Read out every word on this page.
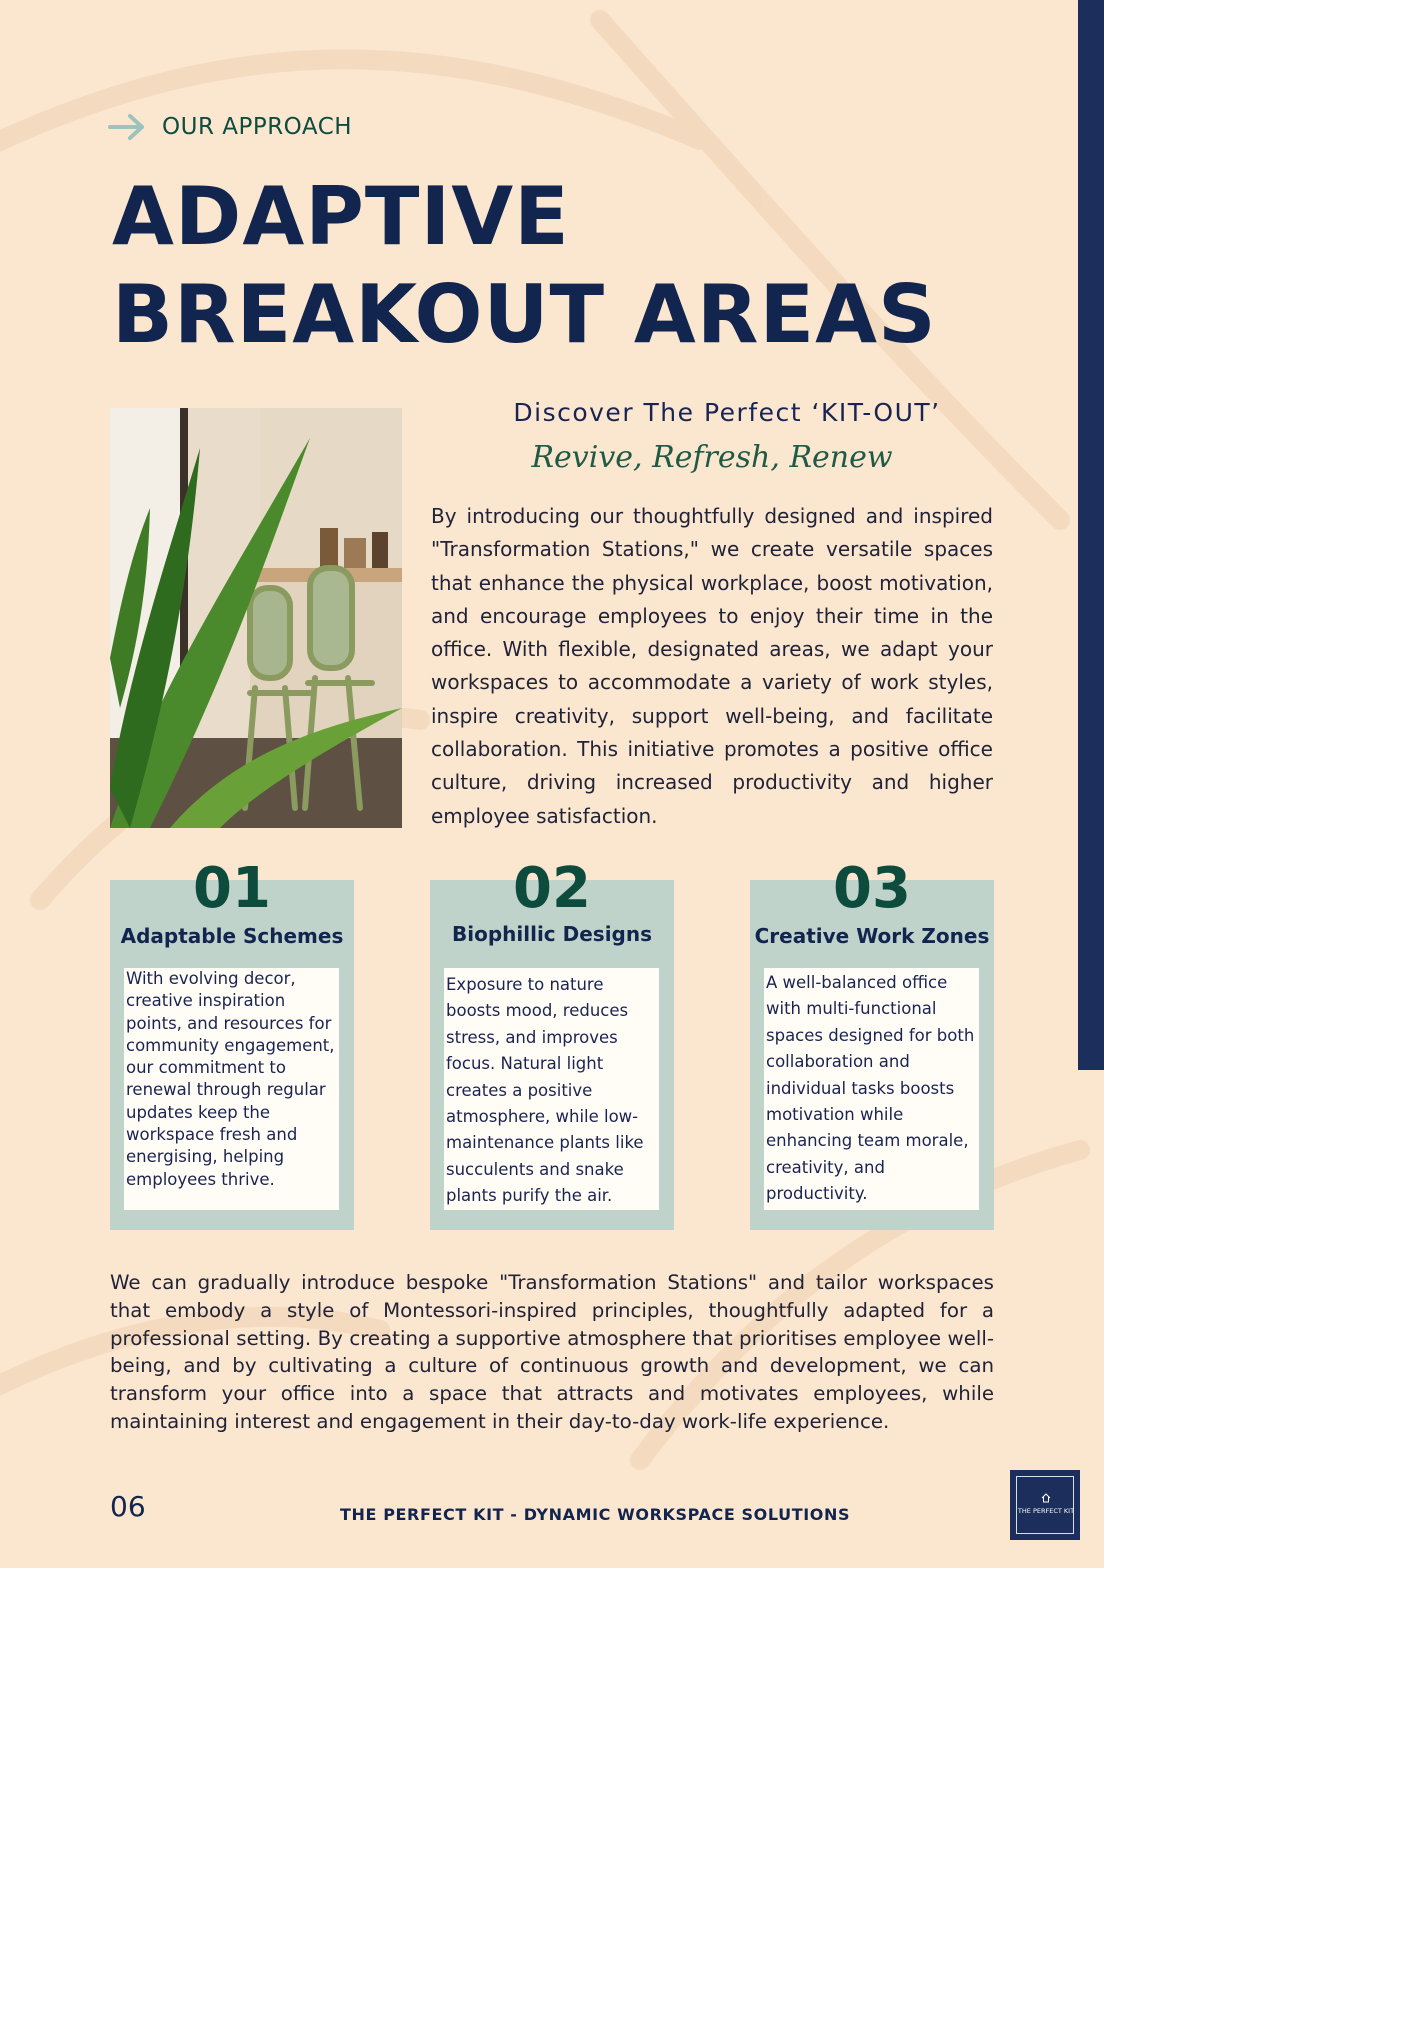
OUR APPROACH
ADAPTIVE
BREAKOUT AREAS
Discover The Perfect ‘KIT-OUT’
Revive, Refresh, Renew

By introducing our thoughtfully designed and inspired "Transformation Stations," we create versatile spaces that enhance the physical workplace, boost motivation, and encourage employees to enjoy their time in the office. With flexible, designated areas, we adapt your workspaces to accommodate a variety of work styles, inspire creativity, support well-being, and facilitate collaboration. This initiative promotes a positive office culture, driving increased productivity and higher employee satisfaction.

01
Adaptable Schemes
With evolving decor, creative inspiration points, and resources for community engagement, our commitment to renewal through regular updates keep the workspace fresh and energising, helping employees thrive.
02
Biophillic Designs
Exposure to nature boosts mood, reduces stress, and improves focus. Natural light creates a positive atmosphere, while low-maintenance plants like succulents and snake plants purify the air.
03
Creative Work Zones
A well-balanced office with multi-functional spaces designed for both collaboration and individual tasks boosts motivation while enhancing team morale, creativity, and productivity.

We can gradually introduce bespoke "Transformation Stations" and tailor workspaces that embody a style of Montessori-inspired principles, thoughtfully adapted for a professional setting. By creating a supportive atmosphere that prioritises employee well-being, and by cultivating a culture of continuous growth and development, we can transform your office into a space that attracts and motivates employees, while maintaining interest and engagement in their day-to-day work-life experience.

06	THE PERFECT KIT - DYNAMIC WORKSPACE SOLUTIONS	THE PERFECT KIT
